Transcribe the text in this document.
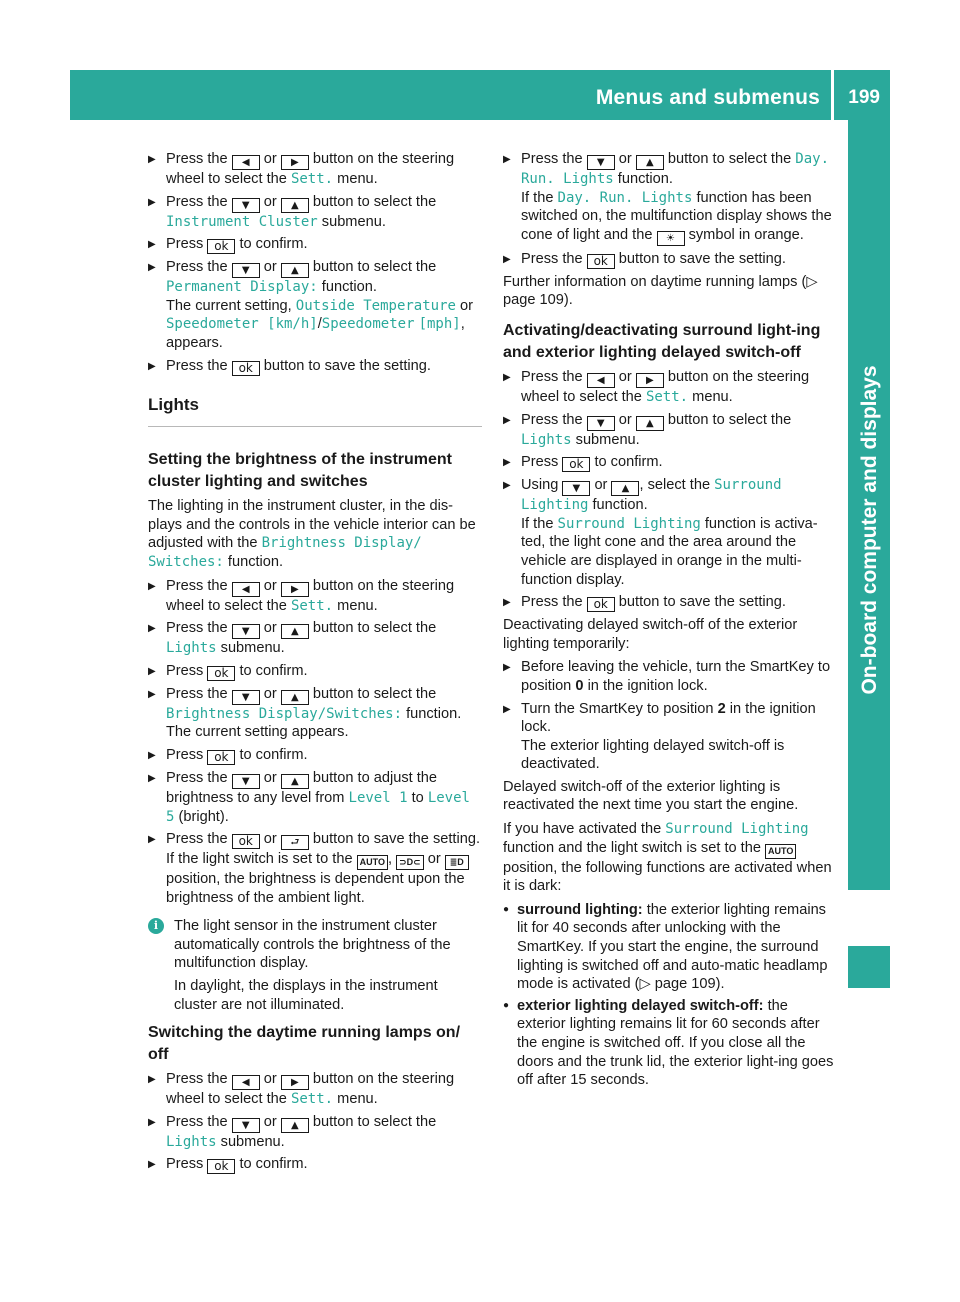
Menus and submenus 199
On-board computer and displays
▶ Press the ◀ or ▶ button on the steering wheel to select the Sett. menu.
▶ Press the ▼ or ▲ button to select the Instrument Cluster submenu.
▶ Press ok to confirm.
▶ Press the ▼ or ▲ button to select the Permanent Display: function.
The current setting, Outside Temperature or Speedometer [km/h]/Speedometer [mph], appears.
▶ Press the ok button to save the setting.
Lights
Setting the brightness of the instrument cluster lighting and switches
The lighting in the instrument cluster, in the dis-plays and the controls in the vehicle interior can be adjusted with the Brightness Display/ Switches: function.
▶ Press the ◀ or ▶ button on the steering wheel to select the Sett. menu.
▶ Press the ▼ or ▲ button to select the Lights submenu.
▶ Press ok to confirm.
▶ Press the ▼ or ▲ button to select the Brightness Display/Switches: function.
The current setting appears.
▶ Press ok to confirm.
▶ Press the ▼ or ▲ button to adjust the brightness to any level from Level 1 to Level 5 (bright).
▶ Press the ok or ⮐ button to save the setting.
If the light switch is set to the AUTO , ⊃D⊂ or ≣D position, the brightness is dependent upon the brightness of the ambient light.
i	The light sensor in the instrument cluster automatically controls the brightness of the multifunction display.
In daylight, the displays in the instrument cluster are not illuminated.
Switching the daytime running lamps on/ off
▶ Press the ◀ or ▶ button on the steering wheel to select the Sett. menu.
▶ Press the ▼ or ▲ button to select the Lights submenu.
▶ Press ok to confirm.
▶ Press the ▼ or ▲ button to select the Day. Run. Lights function.
If the Day. Run. Lights function has been switched on, the multifunction display shows the cone of light and the ☀ symbol in orange.
▶ Press the ok button to save the setting.
Further information on daytime running lamps (▷ page 109).
Activating/deactivating surround light-ing and exterior lighting delayed switch-off
▶ Press the ◀ or ▶ button on the steering wheel to select the Sett. menu.
▶ Press the ▼ or ▲ button to select the Lights submenu.
▶ Press ok to confirm.
▶ Using ▼ or ▲ , select the Surround Lighting function.
If the Surround Lighting function is activa-ted, the light cone and the area around the vehicle are displayed in orange in the multi-function display.
▶ Press the ok button to save the setting.
Deactivating delayed switch-off of the exterior lighting temporarily:
▶ Before leaving the vehicle, turn the SmartKey to position 0 in the ignition lock.
▶ Turn the SmartKey to position 2 in the ignition lock.
The exterior lighting delayed switch-off is deactivated.
Delayed switch-off of the exterior lighting is reactivated the next time you start the engine.
If you have activated the Surround Lighting function and the light switch is set to the AUTO position, the following functions are activated when it is dark:
● surround lighting: the exterior lighting remains lit for 40 seconds after unlocking with the SmartKey. If you start the engine, the surround lighting is switched off and auto-matic headlamp mode is activated (▷ page 109).
● exterior lighting delayed switch-off: the exterior lighting remains lit for 60 seconds after the engine is switched off. If you close all the doors and the trunk lid, the exterior light-ing goes off after 15 seconds.
